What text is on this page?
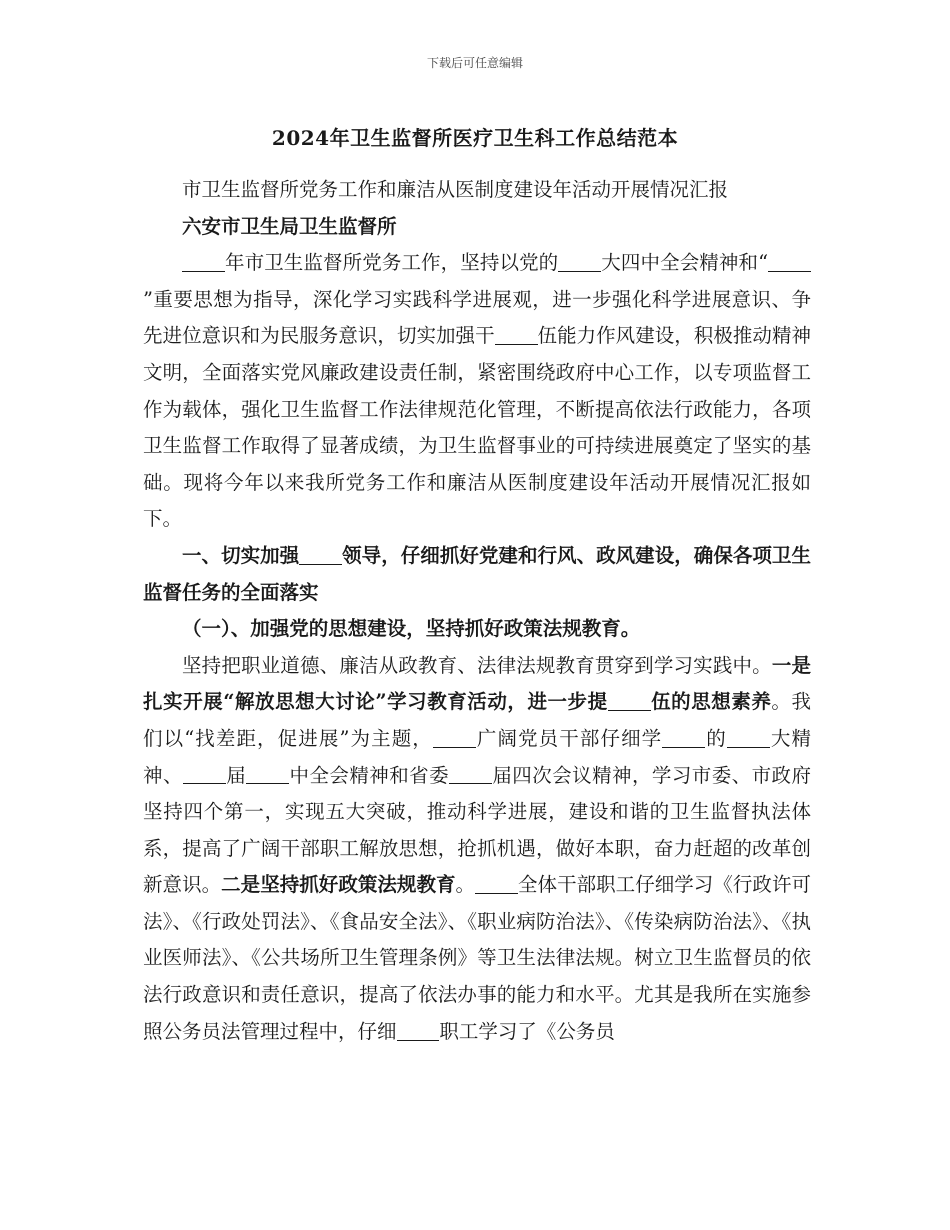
下载后可任意编辑
2024年卫生监督所医疗卫生科工作总结范本

市卫生监督所党务工作和廉洁从医制度建设年活动开展情况汇报

六安市卫生局卫生监督所

年市卫生监督所党务工作，坚持以党的 大四中全会精神和“”重要思想为指导，深化学习实践科学进展观，进一步强化科学进展意识、争先进位意识和为民服务意识，切实加强干 伍能力作风建设，积极推动精神文明，全面落实党风廉政建设责任制，紧密围绕政府中心工作，以专项监督工作为载体，强化卫生监督工作法律规范化管理，不断提高依法行政能力，各项卫生监督工作取得了显著成绩，为卫生监督事业的可持续进展奠定了坚实的基础。现将今年以来我所党务工作和廉洁从医制度建设年活动开展情况汇报如下。

一、切实加强 领导，仔细抓好党建和行风、政风建设，确保各项卫生监督任务的全面落实

（一）、加强党的思想建设，坚持抓好政策法规教育。

坚持把职业道德、廉洁从政教育、法律法规教育贯穿到学习实践中。一是扎实开展“解放思想大讨论”学习教育活动，进一步提 伍的思想素养。我们以“找差距，促进展”为主题， 广阔党员干部仔细学 的 大精神、 届 中全会精神和省委 届四次会议精神，学习市委、市政府坚持四个第一，实现五大突破，推动科学进展，建设和谐的卫生监督执法体系，提高了广阔干部职工解放思想，抢抓机遇，做好本职，奋力赶超的改革创新意识。二是坚持抓好政策法规教育。 全体干部职工仔细学习《行政许可法》、《行政处罚法》、《食品安全法》、《职业病防治法》、《传染病防治法》、《执业医师法》、《公共场所卫生管理条例》等卫生法律法规。树立卫生监督员的依法行政意识和责任意识，提高了依法办事的能力和水平。尤其是我所在实施参照公务员法管理过程中，仔细 职工学习了《公务员
